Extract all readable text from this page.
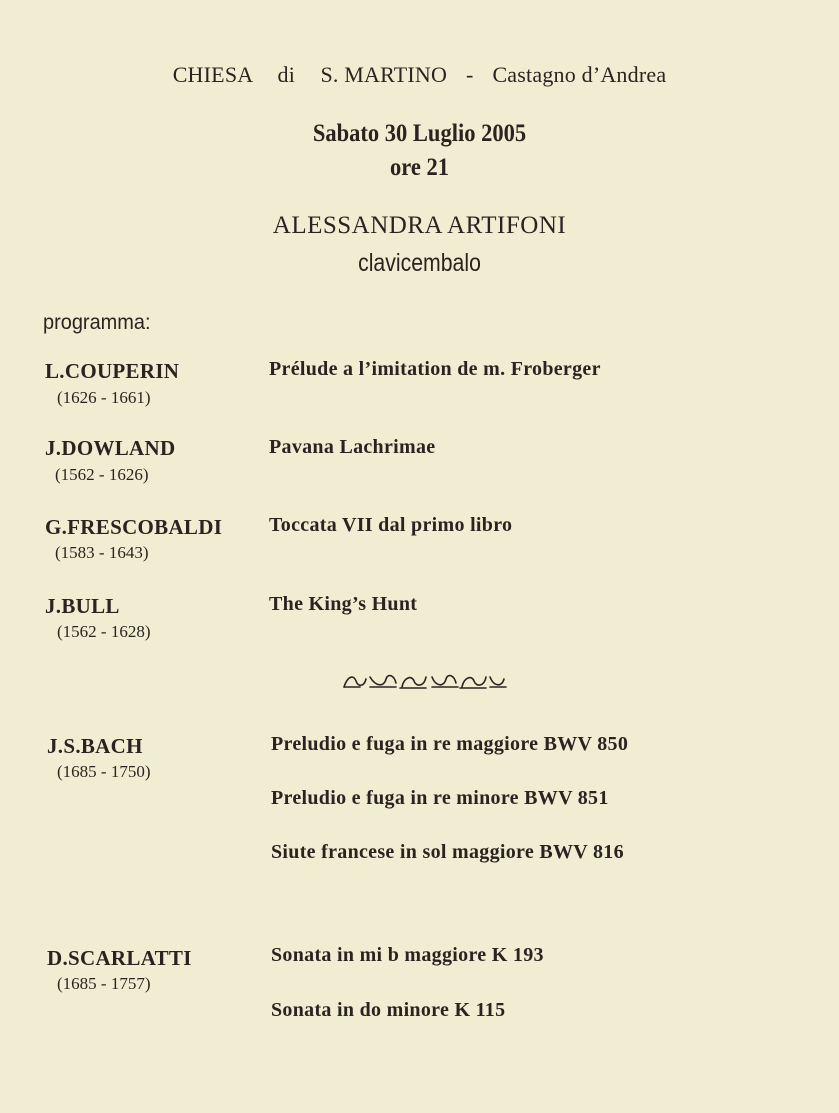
CHIESA di S. MARTINO - Castagno d’Andrea
Sabato 30 Luglio 2005
ore 21
ALESSANDRA ARTIFONI
clavicembalo
programma:
L.COUPERIN
(1626 - 1661)
Prélude a l’imitation de m. Froberger
J.DOWLAND
(1562 - 1626)
Pavana Lachrimae
G.FRESCOBALDI
(1583 - 1643)
Toccata VII dal primo libro
J.BULL
(1562 - 1628)
The King’s Hunt
J.S.BACH
(1685 - 1750)
Preludio e fuga in re maggiore BWV 850
Preludio e fuga in re minore BWV 851
Siute francese in sol maggiore BWV 816
D.SCARLATTI
(1685 - 1757)
Sonata in mi b maggiore K 193
Sonata in do minore K 115
